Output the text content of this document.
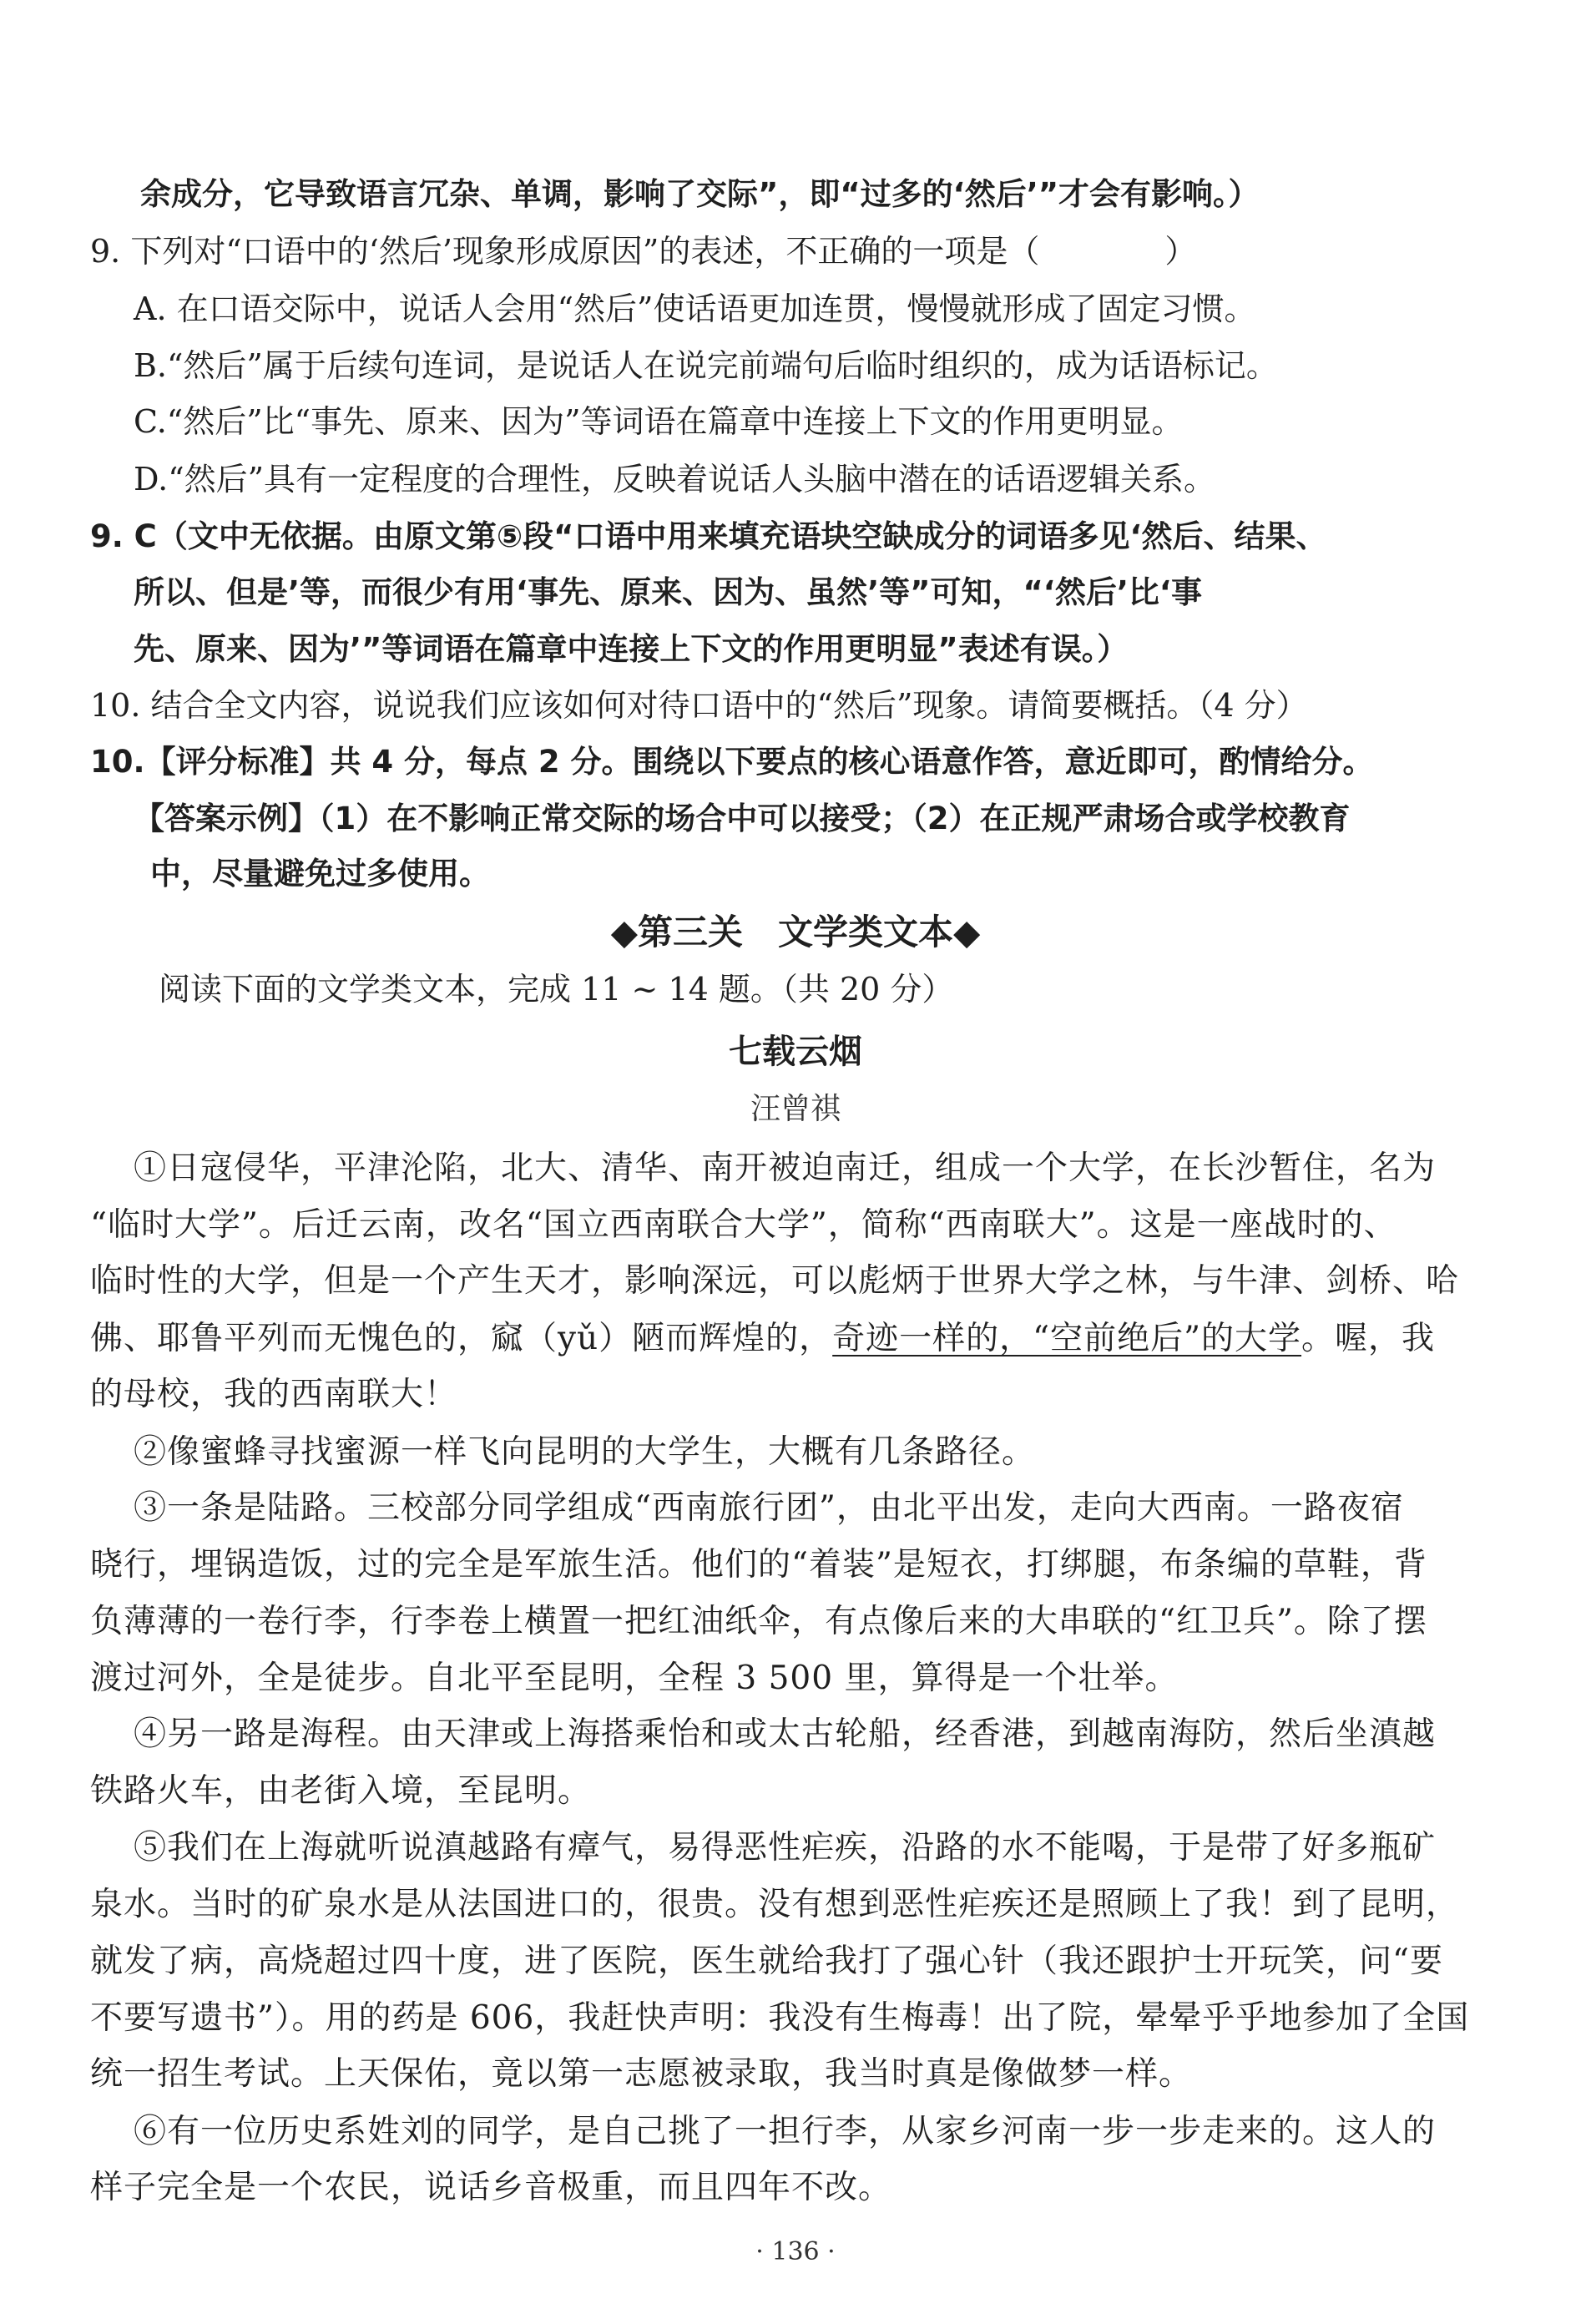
余成分，它导致语言冗杂、单调，影响了交际”，即“过多的‘然后’”才会有影响。）
9. 下列对“口语中的‘然后’现象形成原因”的表述，不正确的一项是（	）
A. 在口语交际中，说话人会用“然后”使话语更加连贯，慢慢就形成了固定习惯。
B.“然后”属于后续句连词，是说话人在说完前端句后临时组织的，成为话语标记。
C.“然后”比“事先、原来、因为”等词语在篇章中连接上下文的作用更明显。
D.“然后”具有一定程度的合理性，反映着说话人头脑中潜在的话语逻辑关系。
9. C（文中无依据。由原文第⑤段“口语中用来填充语块空缺成分的词语多见‘然后、结果、
所以、但是’等，而很少有用‘事先、原来、因为、虽然’等”可知，“‘然后’比‘事
先、原来、因为’”等词语在篇章中连接上下文的作用更明显”表述有误。）
10. 结合全文内容，说说我们应该如何对待口语中的“然后”现象。请简要概括。（4 分）
10.【评分标准】共 4 分，每点 2 分。围绕以下要点的核心语意作答，意近即可，酌情给分。
【答案示例】（1）在不影响正常交际的场合中可以接受；（2）在正规严肃场合或学校教育
中，尽量避免过多使用。
◆第三关　文学类文本◆
阅读下面的文学类文本，完成 11 ~ 14 题。（共 20 分）
七载云烟
汪曾祺
①日寇侵华，平津沦陷，北大、清华、南开被迫南迁，组成一个大学，在长沙暂住，名为
“临时大学”。后迁云南，改名“国立西南联合大学”，简称“西南联大”。这是一座战时的、
临时性的大学，但是一个产生天才，影响深远，可以彪炳于世界大学之林，与牛津、剑桥、哈
佛、耶鲁平列而无愧色的，窳（yǔ）陋而辉煌的，奇迹一样的，“空前绝后”的大学。喔，我
的母校，我的西南联大！
②像蜜蜂寻找蜜源一样飞向昆明的大学生，大概有几条路径。
③一条是陆路。三校部分同学组成“西南旅行团”，由北平出发，走向大西南。一路夜宿
晓行，埋锅造饭，过的完全是军旅生活。他们的“着装”是短衣，打绑腿，布条编的草鞋，背
负薄薄的一卷行李，行李卷上横置一把红油纸伞，有点像后来的大串联的“红卫兵”。除了摆
渡过河外，全是徒步。自北平至昆明，全程 3 500 里，算得是一个壮举。
④另一路是海程。由天津或上海搭乘怡和或太古轮船，经香港，到越南海防，然后坐滇越
铁路火车，由老街入境，至昆明。
⑤我们在上海就听说滇越路有瘴气，易得恶性疟疾，沿路的水不能喝，于是带了好多瓶矿
泉水。当时的矿泉水是从法国进口的，很贵。没有想到恶性疟疾还是照顾上了我！到了昆明，
就发了病，高烧超过四十度，进了医院，医生就给我打了强心针（我还跟护士开玩笑，问“要
不要写遗书”）。用的药是 606，我赶快声明：我没有生梅毒！出了院，晕晕乎乎地参加了全国
统一招生考试。上天保佑，竟以第一志愿被录取，我当时真是像做梦一样。
⑥有一位历史系姓刘的同学，是自己挑了一担行李，从家乡河南一步一步走来的。这人的
样子完全是一个农民，说话乡音极重，而且四年不改。
· 136 ·
